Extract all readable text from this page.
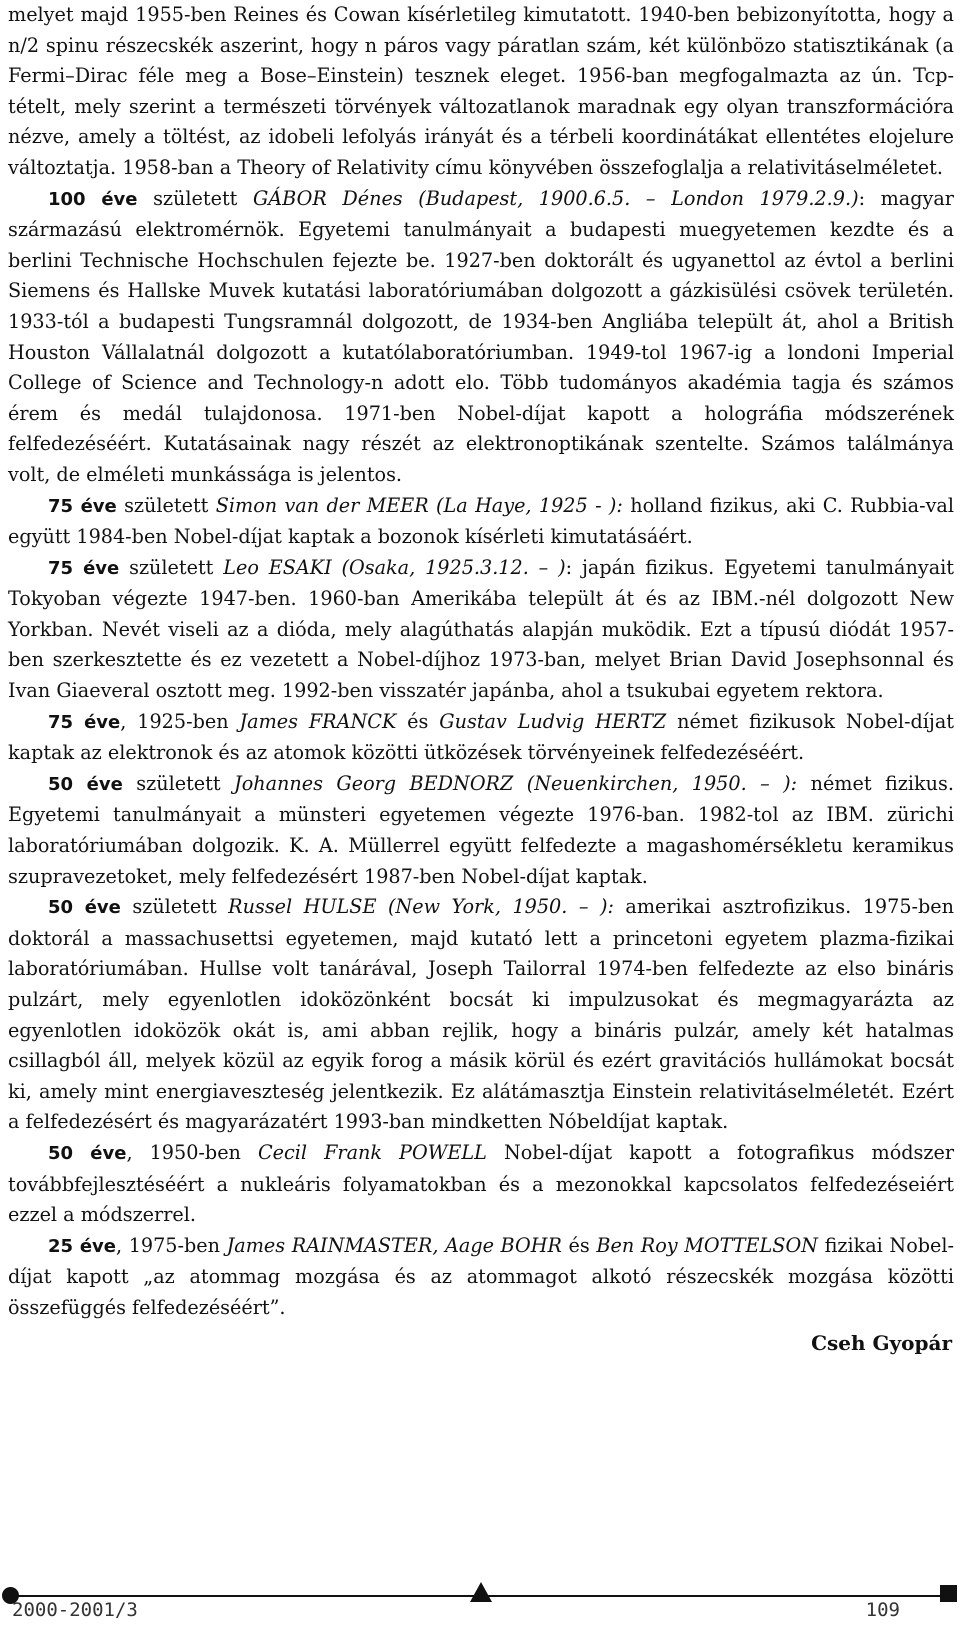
melyet majd 1955-ben Reines és Cowan kísérletileg kimutatott. 1940-ben bebizonyította, hogy a n/2 spinu részecskék aszerint, hogy n páros vagy páratlan szám, két különbözo statisztikának (a Fermi–Dirac féle meg a Bose–Einstein) tesznek eleget. 1956-ban megfogalmazta az ún. Tcp-tételt, mely szerint a természeti törvények változatlanok maradnak egy olyan transzformációra nézve, amely a töltést, az idobeli lefolyás irányát és a térbeli koordinátákat ellentétes elojelure változtatja. 1958-ban a Theory of Relativity címu könyvében összefoglalja a relativitáselméletet.

100 éve született GÁBOR Dénes (Budapest, 1900.6.5. – London 1979.2.9.): magyar származású elektromérnök. Egyetemi tanulmányait a budapesti muegyetemen kezdte és a berlini Technische Hochschulen fejezte be. 1927-ben doktorált és ugyanettol az évtol a berlini Siemens és Hallske Muvek kutatási laboratóriumában dolgozott a gázkisülési csövek területén. 1933-tól a budapesti Tungsramnál dolgozott, de 1934-ben Angliába települt át, ahol a British Houston Vállalatnál dolgozott a kutatólaboratóriumban. 1949-tol 1967-ig a londoni Imperial College of Science and Technology-n adott elo. Több tudományos akadémia tagja és számos érem és medál tulajdonosa. 1971-ben Nobel-díjat kapott a holográfia módszerének felfedezéséért. Kutatásainak nagy részét az elektronoptikának szentelte. Számos találmánya volt, de elméleti munkássága is jelentos.

75 éve született Simon van der MEER (La Haye, 1925 - ): holland fizikus, aki C. Rubbia-val együtt 1984-ben Nobel-díjat kaptak a bozonok kísérleti kimutatásáért.

75 éve született Leo ESAKI (Osaka, 1925.3.12. – ): japán fizikus. Egyetemi tanulmányait Tokyoban végezte 1947-ben. 1960-ban Amerikába települt át és az IBM.-nél dolgozott New Yorkban. Nevét viseli az a dióda, mely alagúthatás alapján muködik. Ezt a típusú diódát 1957-ben szerkesztette és ez vezetett a Nobel-díjhoz 1973-ban, melyet Brian David Josephsonnal és Ivan Giaeveral osztott meg. 1992-ben visszatér japánba, ahol a tsukubai egyetem rektora.

75 éve, 1925-ben James FRANCK és Gustav Ludvig HERTZ német fizikusok Nobel-díjat kaptak az elektronok és az atomok közötti ütközések törvényeinek felfedezéséért.

50 éve született Johannes Georg BEDNORZ (Neuenkirchen, 1950. – ): német fizikus. Egyetemi tanulmányait a münsteri egyetemen végezte 1976-ban. 1982-tol az IBM. zürichi laboratóriumában dolgozik. K. A. Müllerrel együtt felfedezte a magashomérsékletu keramikus szupravezetoket, mely felfedezésért 1987-ben Nobel-díjat kaptak.

50 éve született Russel HULSE (New York, 1950. – ): amerikai asztrofizikus. 1975-ben doktorál a massachusettsi egyetemen, majd kutató lett a princetoni egyetem plazma-fizikai laboratóriumában. Hullse volt tanárával, Joseph Tailorral 1974-ben felfedezte az elso bináris pulzárt, mely egyenlotlen idoközönként bocsát ki impulzusokat és megmagyarázta az egyenlotlen idoközök okát is, ami abban rejlik, hogy a bináris pulzár, amely két hatalmas csillagból áll, melyek közül az egyik forog a másik körül és ezért gravitációs hullámokat bocsát ki, amely mint energiaveszteség jelentkezik. Ez alátámasztja Einstein relativitáselméletét. Ezért a felfedezésért és magyarázatért 1993-ban mindketten Nóbeldíjat kaptak.

50 éve, 1950-ben Cecil Frank POWELL Nobel-díjat kapott a fotografikus módszer továbbfejlesztéséért a nukleáris folyamatokban és a mezonokkal kapcsolatos felfedezéseiért ezzel a módszerrel.

25 éve, 1975-ben James RAINMASTER, Aage BOHR és Ben Roy MOTTELSON fizikai Nobel-díjat kapott „az atommag mozgása és az atommagot alkotó részecskék mozgása közötti összefüggés felfedezéséért”.

Cseh Gyopár
2000-2001/3	109
